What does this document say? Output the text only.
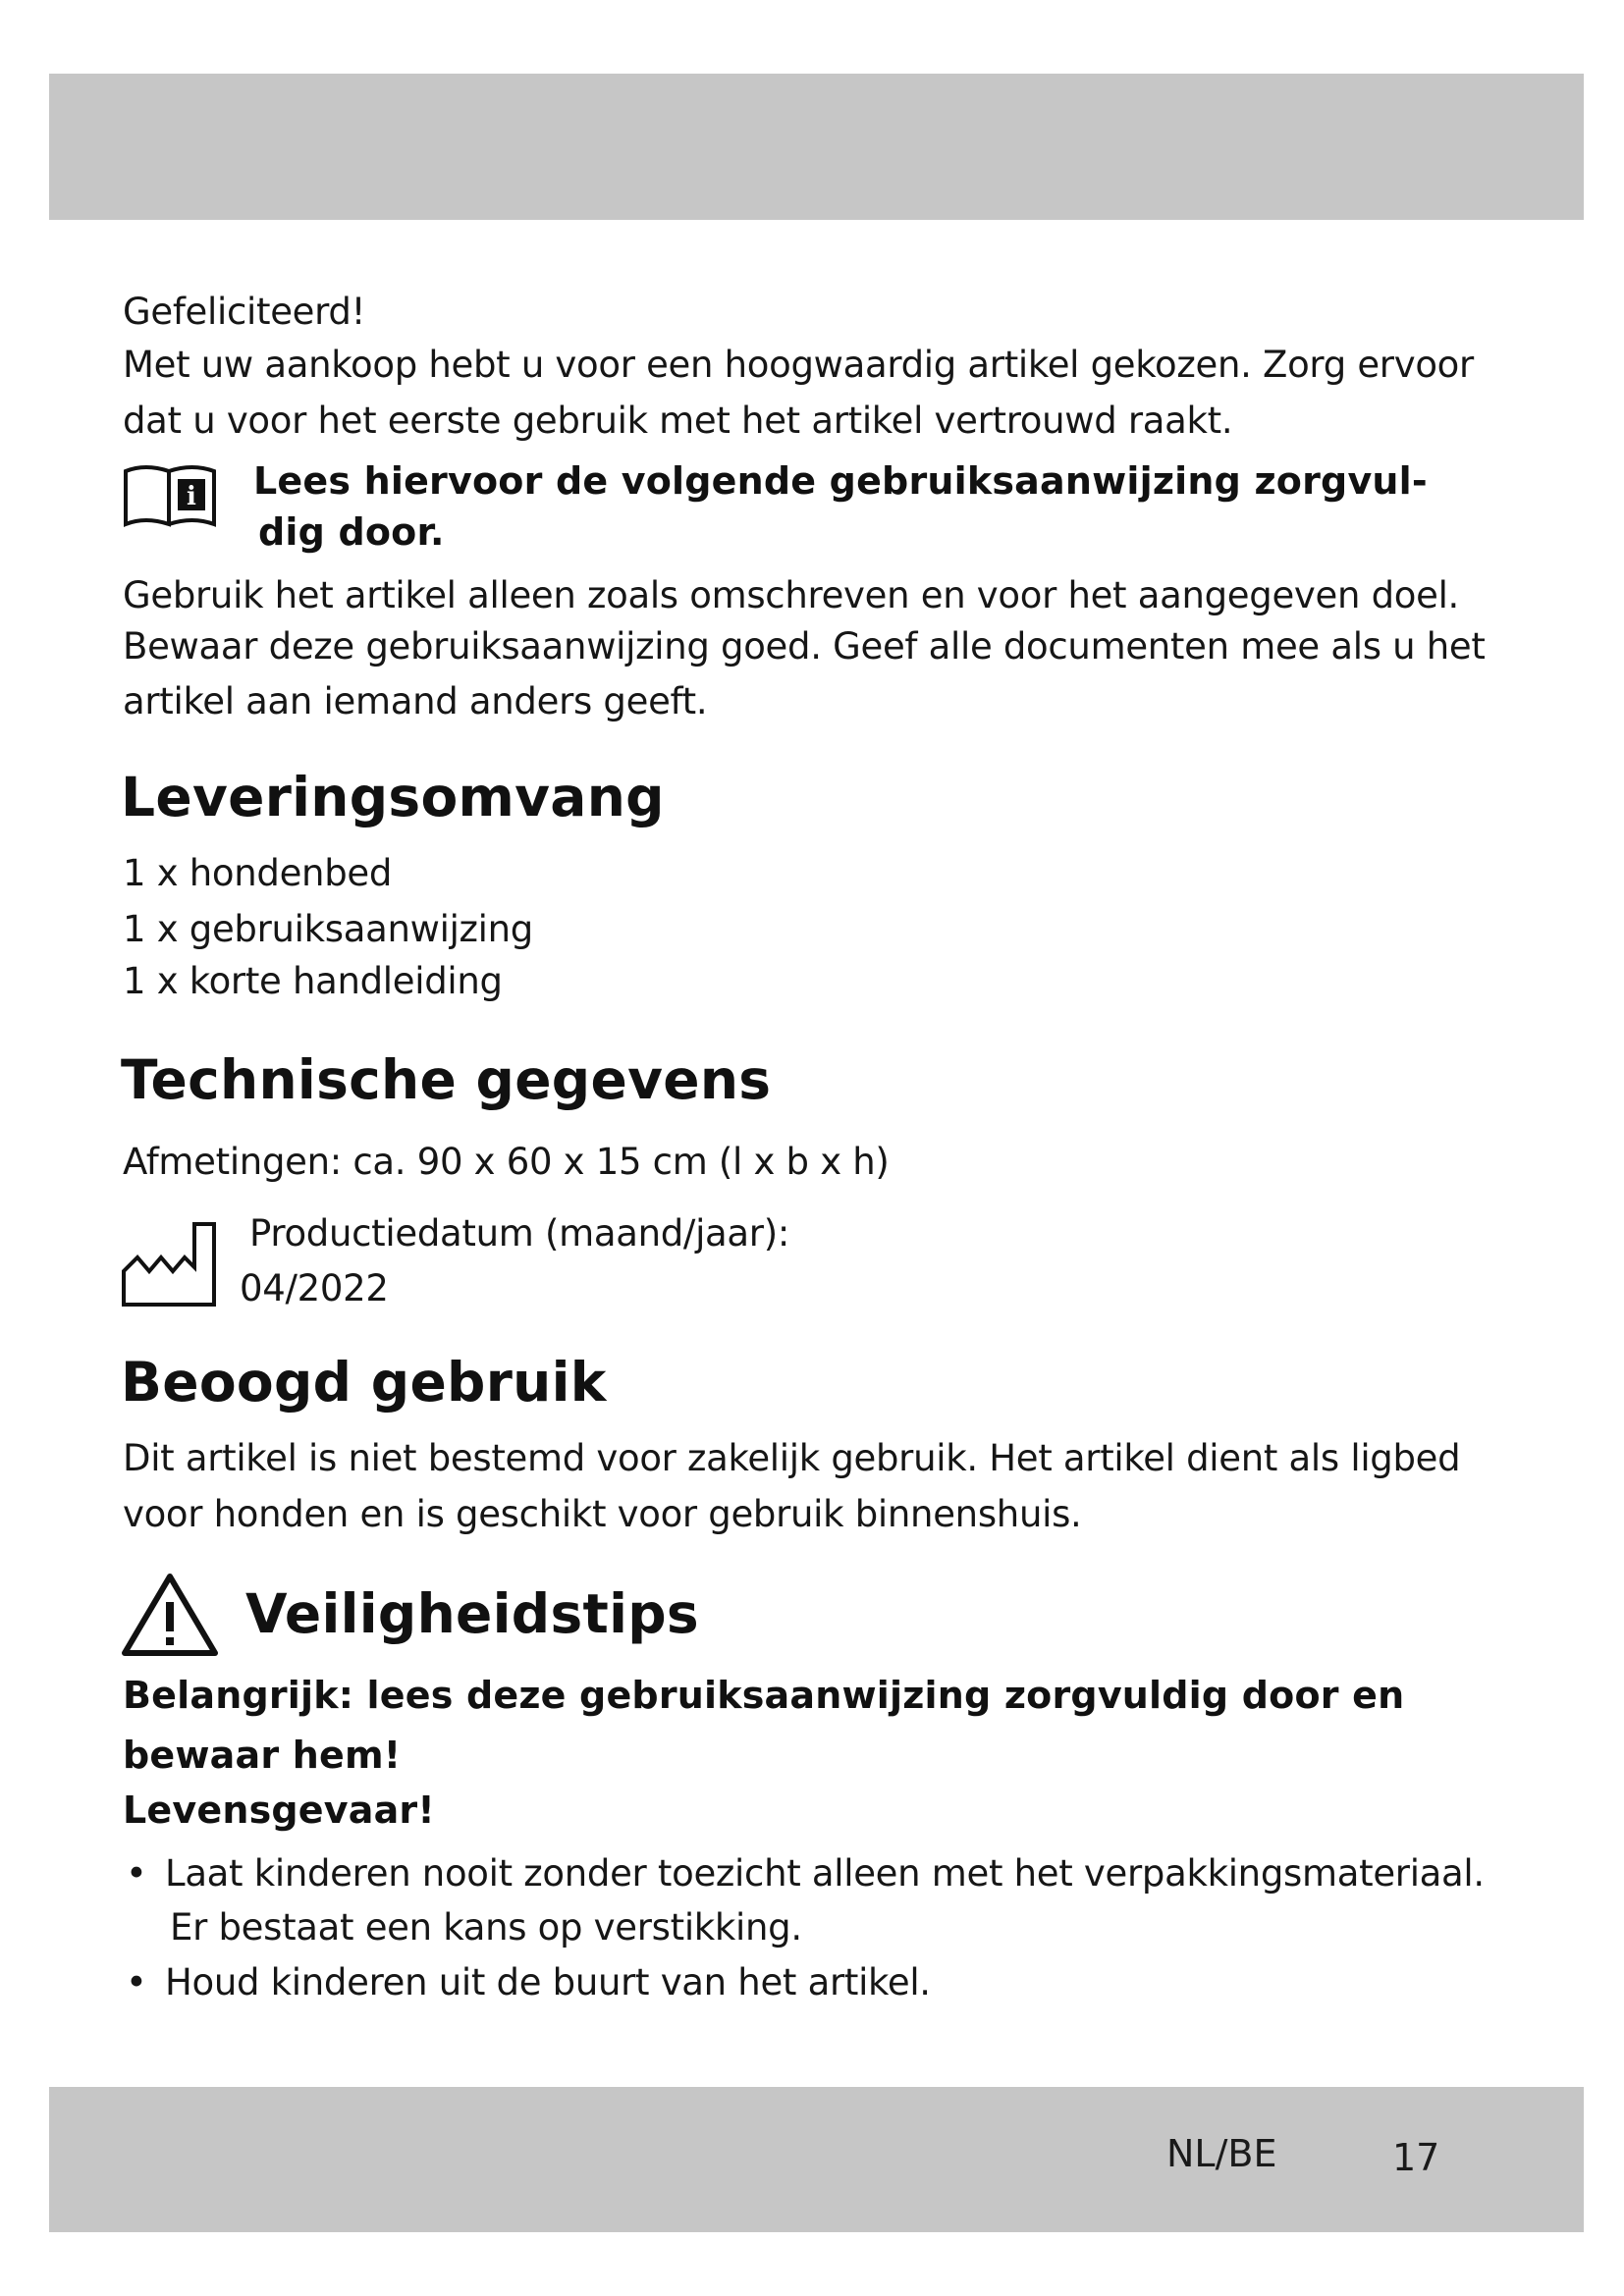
Gefeliciteerd!
Met uw aankoop hebt u voor een hoogwaardig artikel gekozen. Zorg ervoor
dat u voor het eerste gebruik met het artikel vertrouwd raakt.
i Lees hiervoor de volgende gebruiksaanwijzing zorgvul-
dig door.
Gebruik het artikel alleen zoals omschreven en voor het aangegeven doel.
Bewaar deze gebruiksaanwijzing goed. Geef alle documenten mee als u het
artikel aan iemand anders geeft.
Leveringsomvang
1 x hondenbed
1 x gebruiksaanwijzing
1 x korte handleiding
Technische gegevens
Afmetingen: ca. 90 x 60 x 15 cm (l x b x h)
Productiedatum (maand/jaar):
04/2022
Beoogd gebruik
Dit artikel is niet bestemd voor zakelijk gebruik. Het artikel dient als ligbed
voor honden en is geschikt voor gebruik binnenshuis.
Veiligheidstips
Belangrijk: lees deze gebruiksaanwijzing zorgvuldig door en
bewaar hem!
Levensgevaar!
• Laat kinderen nooit zonder toezicht alleen met het verpakkingsmateriaal.
Er bestaat een kans op verstikking.
• Houd kinderen uit de buurt van het artikel.
NL/BE	17
